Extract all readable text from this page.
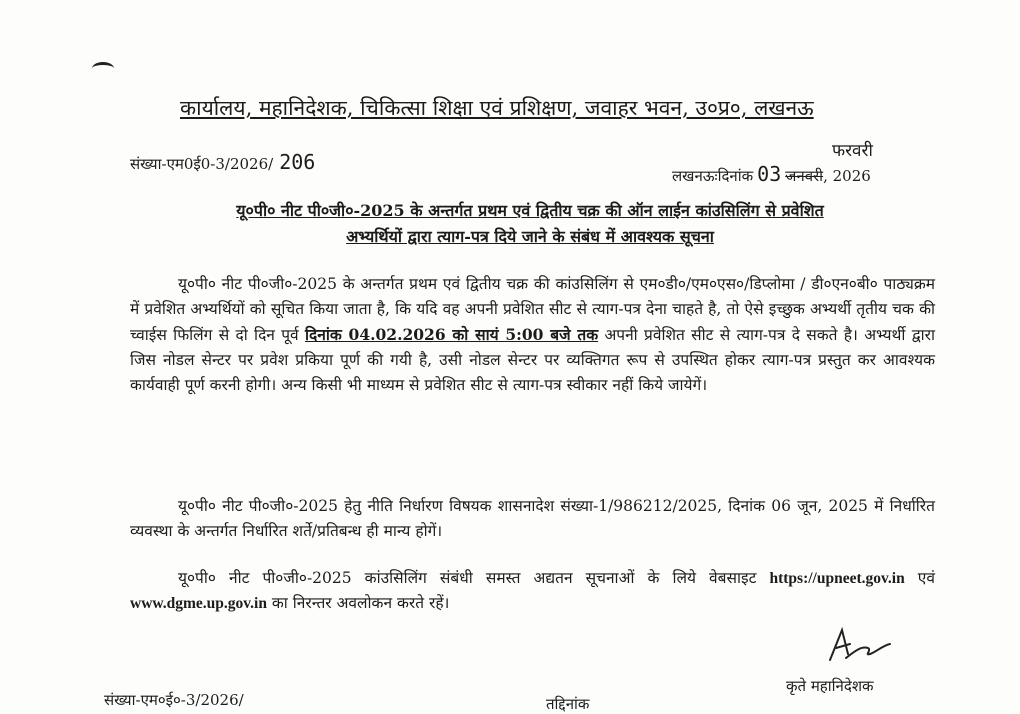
कार्यालय, महानिदेशक, चिकित्सा शिक्षा एवं प्रशिक्षण, जवाहर भवन, उ०प्र०, लखनऊ
संख्या-एम0ई0-3/2026/ 206	फरवरी
लखनऊःदिनांक 03 जनवरी, 2026
यू०पी० नीट पी०जी०-2025 के अन्तर्गत प्रथम एवं द्वितीय चक्र की ऑन लाईन कांउसिलिंग से प्रवेशित
अभ्यर्थियों द्वारा त्याग-पत्र दिये जाने के संबंध में आवश्यक सूचना
यू०पी० नीट पी०जी०-2025 के अन्तर्गत प्रथम एवं द्वितीय चक्र की कांउसिलिंग से एम०डी०/एम०एस०/डिप्लोमा / डी०एन०बी० पाठ्यक्रम में प्रवेशित अभ्यर्थियों को सूचित किया जाता है, कि यदि वह अपनी प्रवेशित सीट से त्याग-पत्र देना चाहते है, तो ऐसे इच्छुक अभ्यर्थी तृतीय चक की च्वाईस फिलिंग से दो दिन पूर्व दिनांक 04.02.2026 को सायं 5:00 बजे तक अपनी प्रवेशित सीट से त्याग-पत्र दे सकते है। अभ्यर्थी द्वारा जिस नोडल सेन्टर पर प्रवेश प्रकिया पूर्ण की गयी है, उसी नोडल सेन्टर पर व्यक्तिगत रूप से उपस्थित होकर त्याग-पत्र प्रस्तुत कर आवश्यक कार्यवाही पूर्ण करनी होगी। अन्य किसी भी माध्यम से प्रवेशित सीट से त्याग-पत्र स्वीकार नहीं किये जायेगें।
यू०पी० नीट पी०जी०-2025 हेतु नीति निर्धारण विषयक शासनादेश संख्या-1/986212/2025, दिनांक 06 जून, 2025 में निर्धारित व्यवस्था के अन्तर्गत निर्धारित शर्ते/प्रतिबन्ध ही मान्य होगें।
यू०पी० नीट पी०जी०-2025 कांउसिलिंग संबंधी समस्त अद्यतन सूचनाओं के लिये वेबसाइट https://upneet.gov.in एवं www.dgme.up.gov.in का निरन्तर अवलोकन करते रहें।
कृते महानिदेशक
संख्या-एम०ई०-3/2026/	तद्दिनांक
